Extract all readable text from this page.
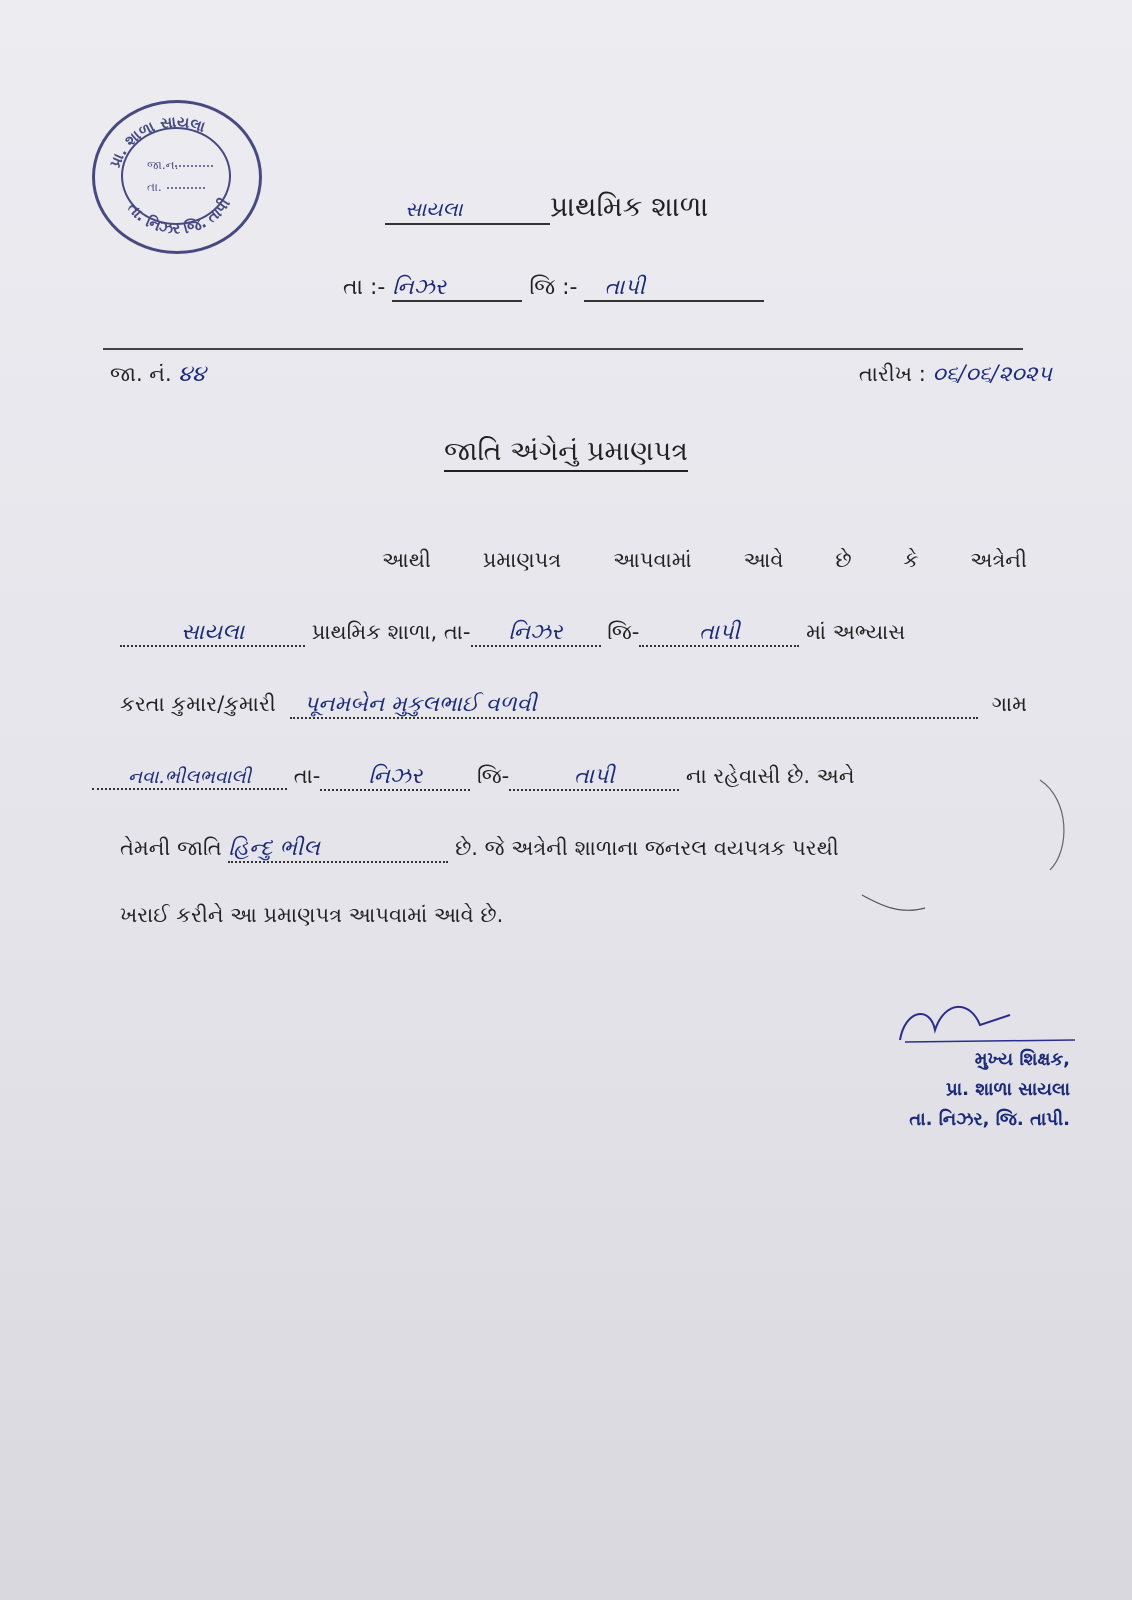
પ્રા. શાળા સાયલા
તા. નિઝર જિ. તાપી
જા.ન.
તા.
સાયલા	પ્રાથમિક શાળા
તા :- નિઝર	જિ :- તાપી
જા. નં. ૪૪	તારીખ : ૦૬/૦૬/૨૦૨૫
જાતિ અંગેનું પ્રમાણપત્ર
આથી પ્રમાણપત્ર આપવામાં આવે છે કે અત્રેની
સાયલા	પ્રાથમિક શાળા, તા- નિઝર જિ-	તાપી	માં અભ્યાસ
કરતા કુમાર/કુમારી	પૂનમબેન મુકુલભાઈ વળવી	ગામ
નવા.ભીલભવાલી તા- નિઝર	જિ-	તાપી	ના રહેવાસી છે. અને
તેમની જાતિ હિન્દુ ભીલ	છે. જે અત્રેની શાળાના જનરલ વયપત્રક પરથી
ખરાઈ કરીને આ પ્રમાણપત્ર આપવામાં આવે છે.
મુખ્ય શિક્ષક,
પ્રા. શાળા સાયલા
તા. નિઝર, જિ. તાપી.
